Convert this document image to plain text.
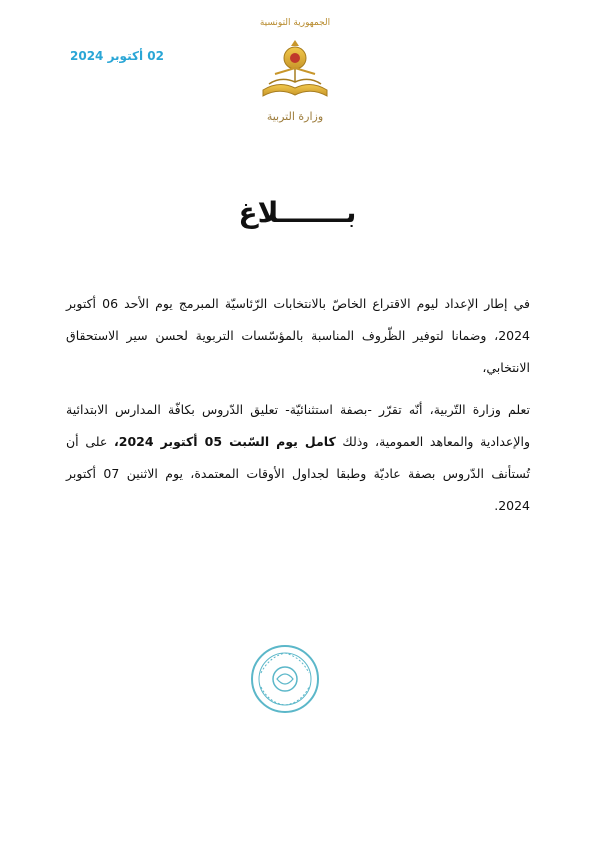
02 أكتوبر 2024
الجمهورية التونسية
وزارة التربية
بـــــــلاغ

في إطار الإعداد ليوم الاقتراع الخاصّ بالانتخابات الرّئاسيّة المبرمج يوم الأحد 06 أكتوبر 2024، وضمانا لتوفير الظّروف المناسبة بالمؤسّسات التربوية لحسن سير الاستحقاق الانتخابي،

تعلم وزارة التّربية، أنّه تقرّر -بصفة استثنائيّة- تعليق الدّروس بكافّة المدارس الابتدائية والإعدادية والمعاهد العمومية، وذلك كامل يوم السّبت 05 أكتوبر 2024، على أن تُستأنف الدّروس بصفة عاديّة وطبقا لجداول الأوقات المعتمدة، يوم الاثنين 07 أكتوبر 2024.
